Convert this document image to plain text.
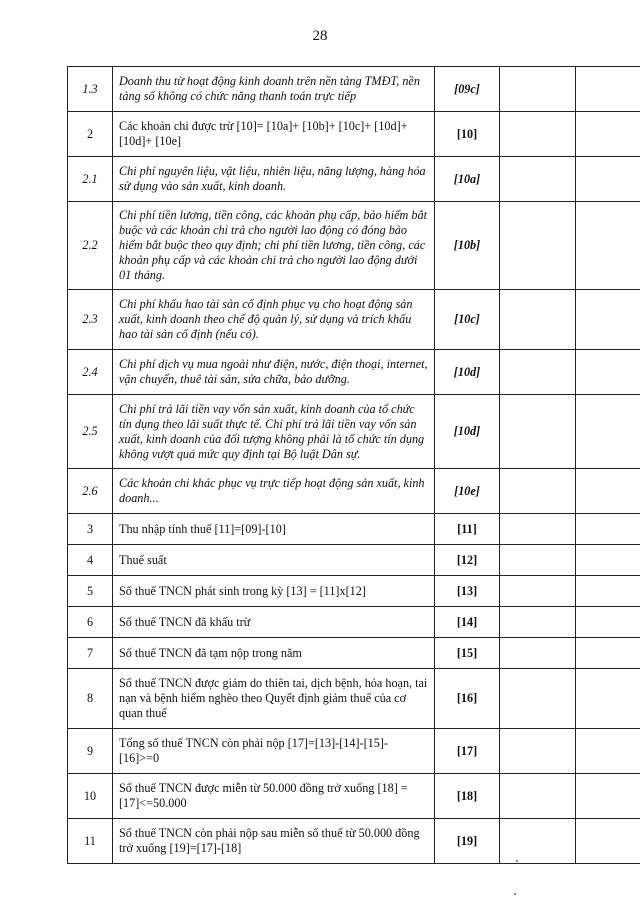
28
1.3	Doanh thu từ hoạt động kinh doanh trên nền tảng TMĐT, nền tảng số không có chức năng thanh toán trực tiếp	[09c]		
2	Các khoản chi được trừ [10]= [10a]+ [10b]+ [10c]+ [10d]+ [10d]+ [10e]	[10]		
2.1	Chi phí nguyên liệu, vật liệu, nhiên liệu, năng lượng, hàng hóa sử dụng vào sản xuất, kinh doanh.	[10a]		
2.2	Chi phí tiền lương, tiền công, các khoản phụ cấp, bảo hiểm bắt buộc và các khoản chi trả cho người lao động có đóng bảo hiểm bắt buộc theo quy định; chi phí tiền lương, tiền công, các khoản phụ cấp và các khoản chi trả cho người lao động dưới 01 tháng.	[10b]		
2.3	Chi phí khấu hao tài sản cố định phục vụ cho hoạt động sản xuất, kinh doanh theo chế độ quản lý, sử dụng và trích khấu hao tài sản cố định (nếu có).	[10c]		
2.4	Chi phí dịch vụ mua ngoài như điện, nước, điện thoại, internet, vận chuyển, thuê tài sản, sửa chữa, bảo dưỡng.	[10d]		
2.5	Chi phí trả lãi tiền vay vốn sản xuất, kinh doanh của tổ chức tín dụng theo lãi suất thực tế. Chi phí trả lãi tiền vay vốn sản xuất, kinh doanh của đối tượng không phải là tổ chức tín dụng không vượt quá mức quy định tại Bộ luật Dân sự.	[10d]		
2.6	Các khoản chi khác phục vụ trực tiếp hoạt động sản xuất, kinh doanh...	[10e]		
3	Thu nhập tính thuế [11]=[09]-[10]	[11]		
4	Thuế suất	[12]		
5	Số thuế TNCN phát sinh trong kỳ [13] = [11]x[12]	[13]		
6	Số thuế TNCN đã khấu trừ	[14]		
7	Số thuế TNCN đã tạm nộp trong năm	[15]		
8	Số thuế TNCN được giảm do thiên tai, dịch bệnh, hỏa hoạn, tai nạn và bệnh hiểm nghèo theo Quyết định giảm thuế của cơ quan thuế	[16]		
9	Tổng số thuế TNCN còn phải nộp [17]=[13]-[14]-[15]-[16]>=0	[17]		
10	Số thuế TNCN được miễn từ 50.000 đồng trở xuống [18] = [17]<=50.000	[18]		
11	Số thuế TNCN còn phải nộp sau miễn số thuế từ 50.000 đồng trở xuống [19]=[17]-[18]	[19]		
